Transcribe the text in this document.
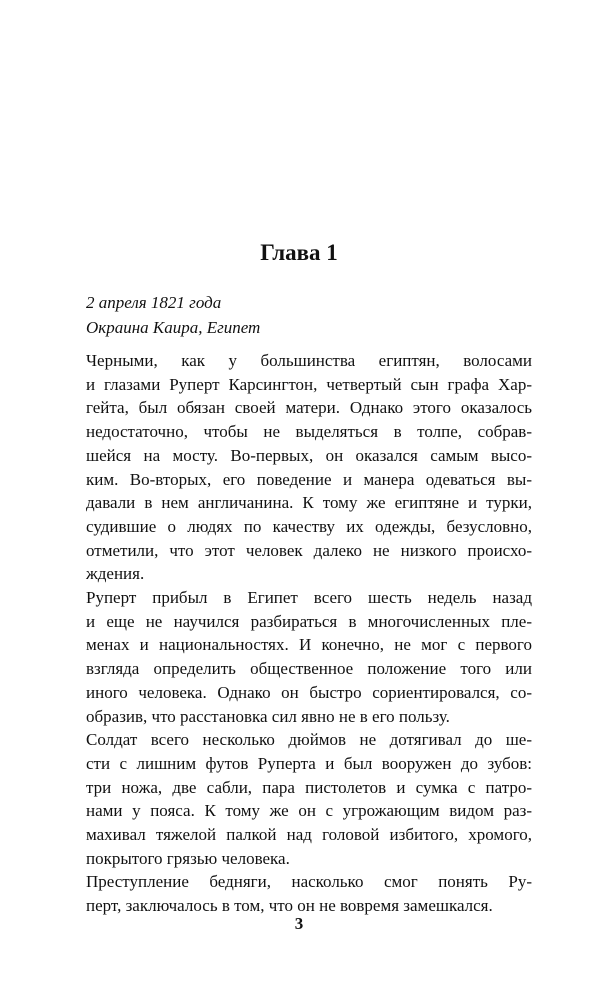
Глава 1
2 апреля 1821 года
Окраина Каира, Египет

Черными, как у большинства египтян, волосами
и глазами Руперт Карсингтон, четвертый сын графа Хар-
гейта, был обязан своей матери. Однако этого оказалось
недостаточно, чтобы не выделяться в толпе, собрав-
шейся на мосту. Во-первых, он оказался самым высо-
ким. Во-вторых, его поведение и манера одеваться вы-
давали в нем англичанина. К тому же египтяне и турки,
судившие о людях по качеству их одежды, безусловно,
отметили, что этот человек далеко не низкого происхо-
ждения.

Руперт прибыл в Египет всего шесть недель назад
и еще не научился разбираться в многочисленных пле-
менах и национальностях. И конечно, не мог с первого
взгляда определить общественное положение того или
иного человека. Однако он быстро сориентировался, со-
образив, что расстановка сил явно не в его пользу.

Солдат всего несколько дюймов не дотягивал до ше-
сти с лишним футов Руперта и был вооружен до зубов:
три ножа, две сабли, пара пистолетов и сумка с патро-
нами у пояса. К тому же он с угрожающим видом раз-
махивал тяжелой палкой над головой избитого, хромого,
покрытого грязью человека.

Преступление бедняги, насколько смог понять Ру-
перт, заключалось в том, что он не вовремя замешкался.

3
